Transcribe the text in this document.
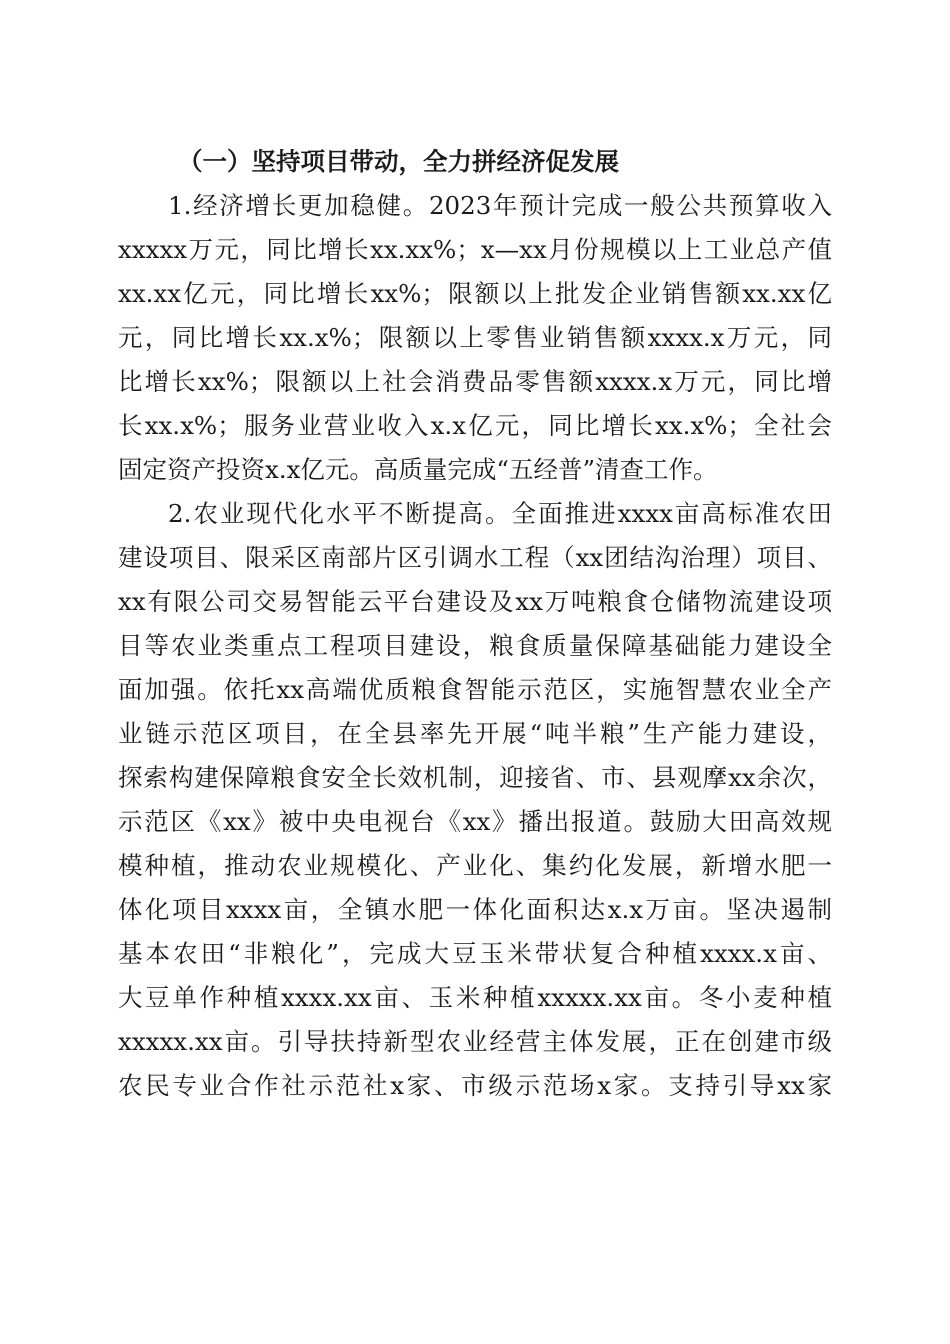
（一）坚持项目带动，全力拼经济促发展

1.经济增长更加稳健。2023年预计完成一般公共预算收入

xxxxx万元，同比增长xx.xx%；x—xx月份规模以上工业总产值

xx.xx亿元，同比增长xx%；限额以上批发企业销售额xx.xx亿

元，同比增长xx.x%；限额以上零售业销售额xxxx.x万元，同

比增长xx%；限额以上社会消费品零售额xxxx.x万元，同比增

长xx.x%；服务业营业收入x.x亿元，同比增长xx.x%；全社会

固定资产投资x.x亿元。高质量完成“五经普”清查工作。

2.农业现代化水平不断提高。全面推进xxxx亩高标准农田

建设项目、限采区南部片区引调水工程（xx团结沟治理）项目、

xx有限公司交易智能云平台建设及xx万吨粮食仓储物流建设项

目等农业类重点工程项目建设，粮食质量保障基础能力建设全

面加强。依托xx高端优质粮食智能示范区，实施智慧农业全产

业链示范区项目，在全县率先开展“吨半粮”生产能力建设，

探索构建保障粮食安全长效机制，迎接省、市、县观摩xx余次，

示范区《xx》被中央电视台《xx》播出报道。鼓励大田高效规

模种植，推动农业规模化、产业化、集约化发展，新增水肥一

体化项目xxxx亩，全镇水肥一体化面积达x.x万亩。坚决遏制

基本农田“非粮化”，完成大豆玉米带状复合种植xxxx.x亩、

大豆单作种植xxxx.xx亩、玉米种植xxxxx.xx亩。冬小麦种植

xxxxx.xx亩。引导扶持新型农业经营主体发展，正在创建市级

农民专业合作社示范社x家、市级示范场x家。支持引导xx家
